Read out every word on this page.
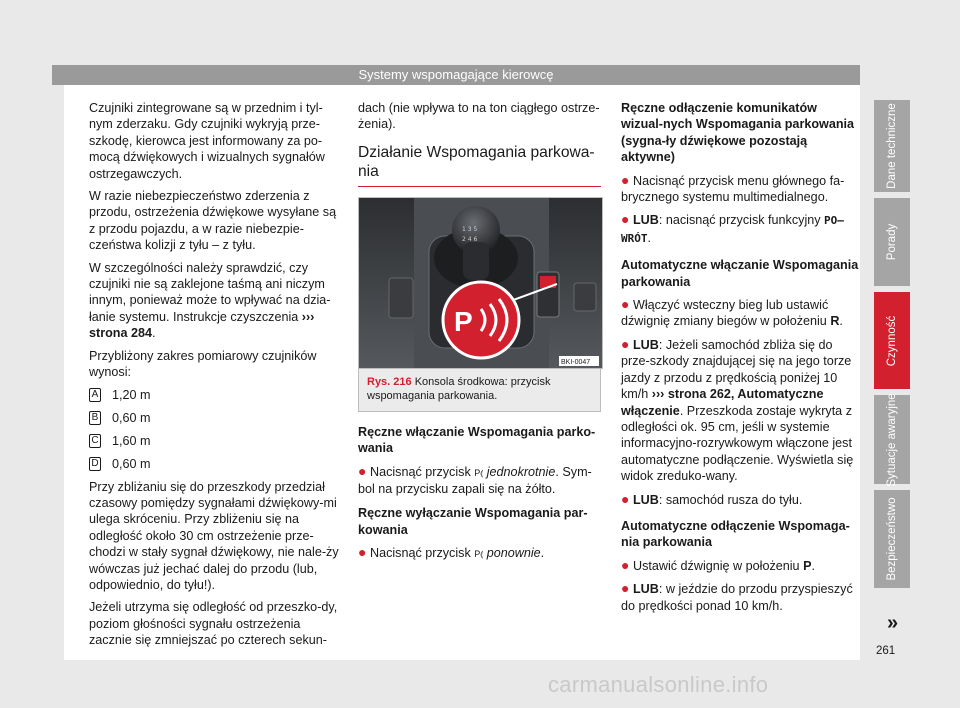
Systemy wspomagające kierowcę

Czujniki zintegrowane są w przednim i tyl-nym zderzaku. Gdy czujniki wykryją prze-szkodę, kierowca jest informowany za po-mocą dźwiękowych i wizualnych sygnałów ostrzegawczych.

W razie niebezpieczeństwo zderzenia z przodu, ostrzeżenia dźwiękowe wysyłane są z przodu pojazdu, a w razie niebezpie-czeństwa kolizji z tyłu – z tyłu.

W szczególności należy sprawdzić, czy czujniki nie są zaklejone taśmą ani niczym innym, ponieważ może to wpływać na dzia-łanie systemu. Instrukcje czyszczenia ››› strona 284.

Przybliżony zakres pomiarowy czujników wynosi:

A 1,20 m
B 0,60 m
C 1,60 m
D 0,60 m

Przy zbliżaniu się do przeszkody przedział czasowy pomiędzy sygnałami dźwiękowy-mi ulega skróceniu. Przy zbliżeniu się na odległość około 30 cm ostrzeżenie prze-chodzi w stały sygnał dźwiękowy, nie nale-ży wówczas już jechać dalej do przodu (lub, odpowiednio, do tyłu!).

Jeżeli utrzyma się odległość od przeszko-dy, poziom głośności sygnału ostrzeżenia zacznie się zmniejszać po czterech sekun-

dach (nie wpływa to na ton ciągłego ostrze-żenia).

Działanie Wspomagania parkowa-nia
1 3 5
2 4 6
P
BKI-0047
Rys. 216 Konsola środkowa: przycisk wspomagania parkowania.

Ręczne włączanie Wspomagania parko-wania

● Nacisnąć przycisk P⦅ jednokrotnie. Sym-bol na przycisku zapali się na żółto.

Ręczne wyłączanie Wspomagania par-kowania

● Nacisnąć przycisk P⦅ ponownie.

Ręczne odłączenie komunikatów wizual-nych Wspomagania parkowania (sygna-ły dźwiękowe pozostają aktywne)

● Nacisnąć przycisk menu głównego fa-brycznego systemu multimedialnego.

● LUB: nacisnąć przycisk funkcyjny PO–WRÓT.

Automatyczne włączanie Wspomagania parkowania

● Włączyć wsteczny bieg lub ustawić dźwignię zmiany biegów w położeniu R.

● LUB: Jeżeli samochód zbliża się do prze-szkody znajdującej się na jego torze jazdy z przodu z prędkością poniżej 10 km/h ››› strona 262, Automatyczne włączenie. Przeszkoda zostaje wykryta z odległości ok. 95 cm, jeśli w systemie informacyjno-rozrywkowym włączone jest automatyczne podłączenie. Wyświetla się widok zreduko-wany.

● LUB: samochód rusza do tyłu.

Automatyczne odłączenie Wspomaga-nia parkowania

● Ustawić dźwignię w położeniu P.

● LUB: w jeździe do przodu przyspieszyć do prędkości ponad 10 km/h.

Dane techniczne
Porady
Czynność
Sytuacje awaryjne
Bezpieczeństwo
»
261
carmanualsonline.info
